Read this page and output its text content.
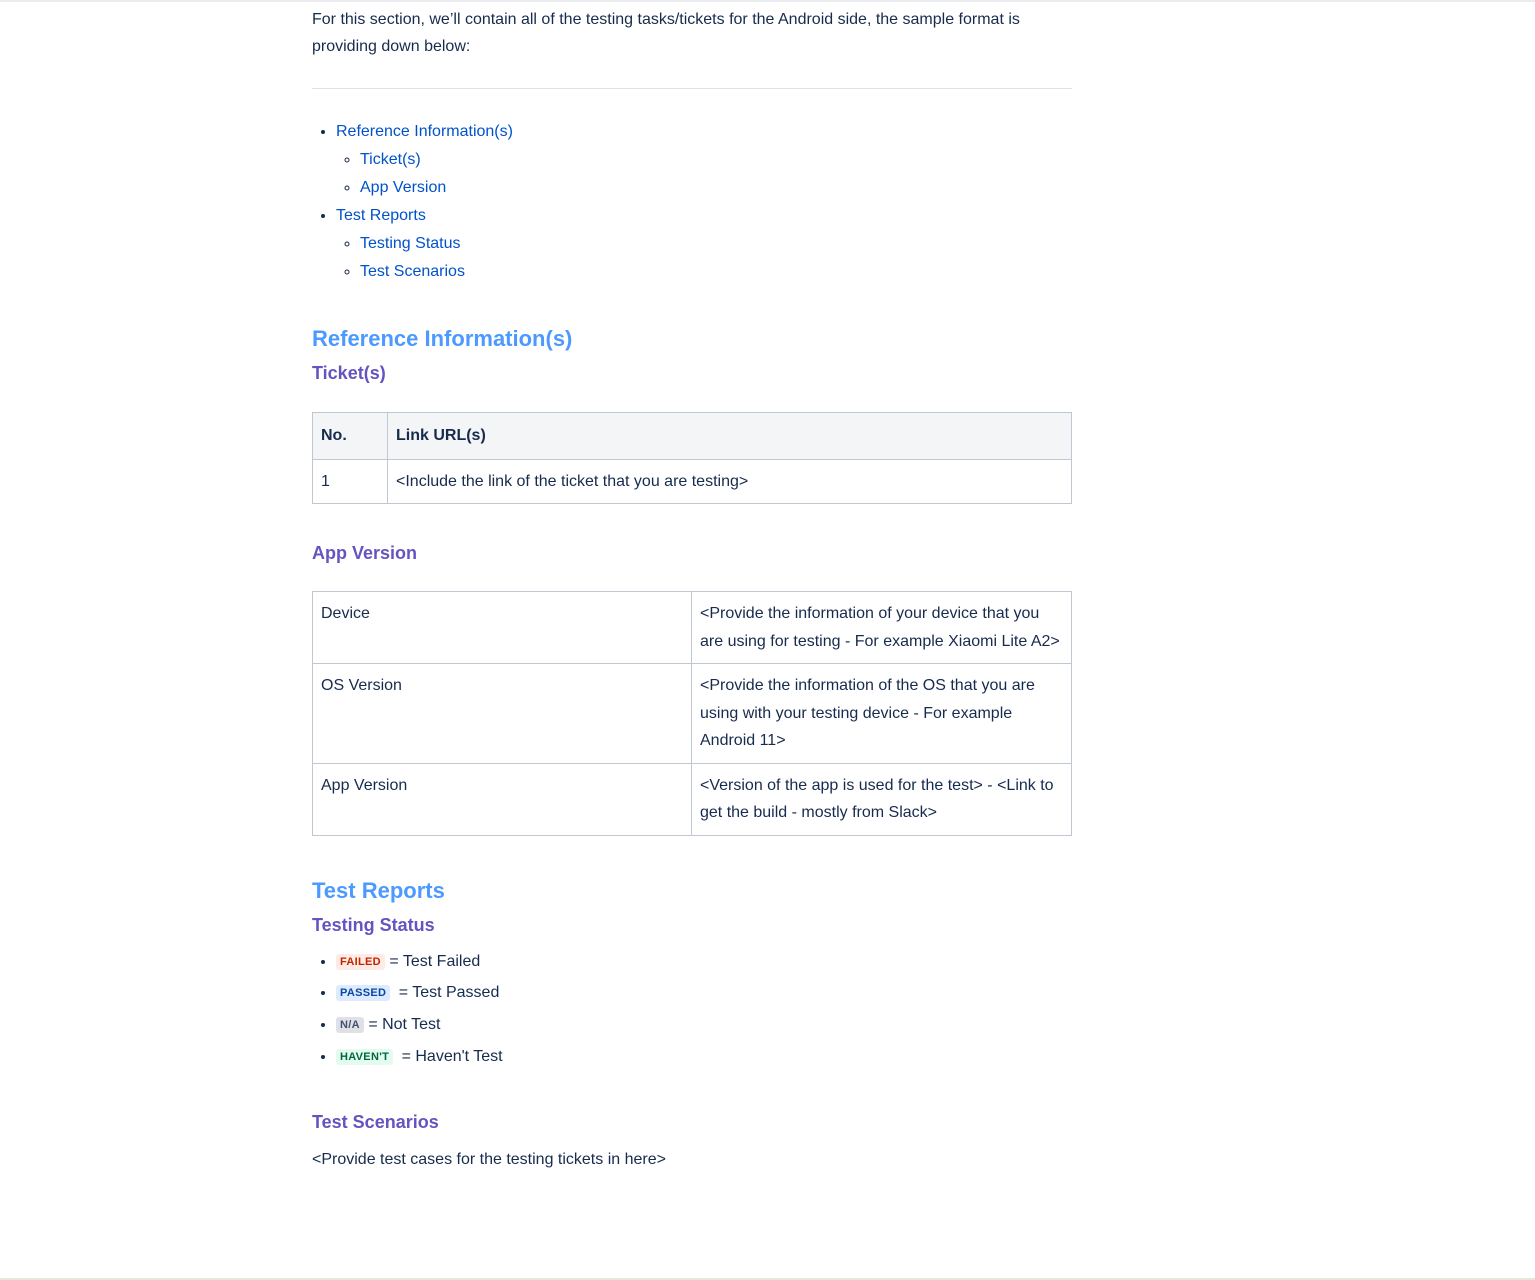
For this section, we’ll contain all of the testing tasks/tickets for the Android side, the sample format is providing down below:

• Reference Information(s)
◦ Ticket(s)
◦ App Version
• Test Reports
◦ Testing Status
◦ Test Scenarios
Reference Information(s)
Ticket(s)
No.	Link URL(s)
1	<Include the link of the ticket that you are testing>
App Version
Device	<Provide the information of your device that you are using for testing - For example Xiaomi Lite A2>
OS Version	<Provide the information of the OS that you are using with your testing device - For example Android 11>
App Version	<Version of the app is used for the test> - <Link to get the build - mostly from Slack>
Test Reports
Testing Status
• FAILED = Test Failed
• PASSED = Test Passed
• N/A = Not Test
• HAVEN'T = Haven't Test
Test Scenarios

<Provide test cases for the testing tickets in here>
